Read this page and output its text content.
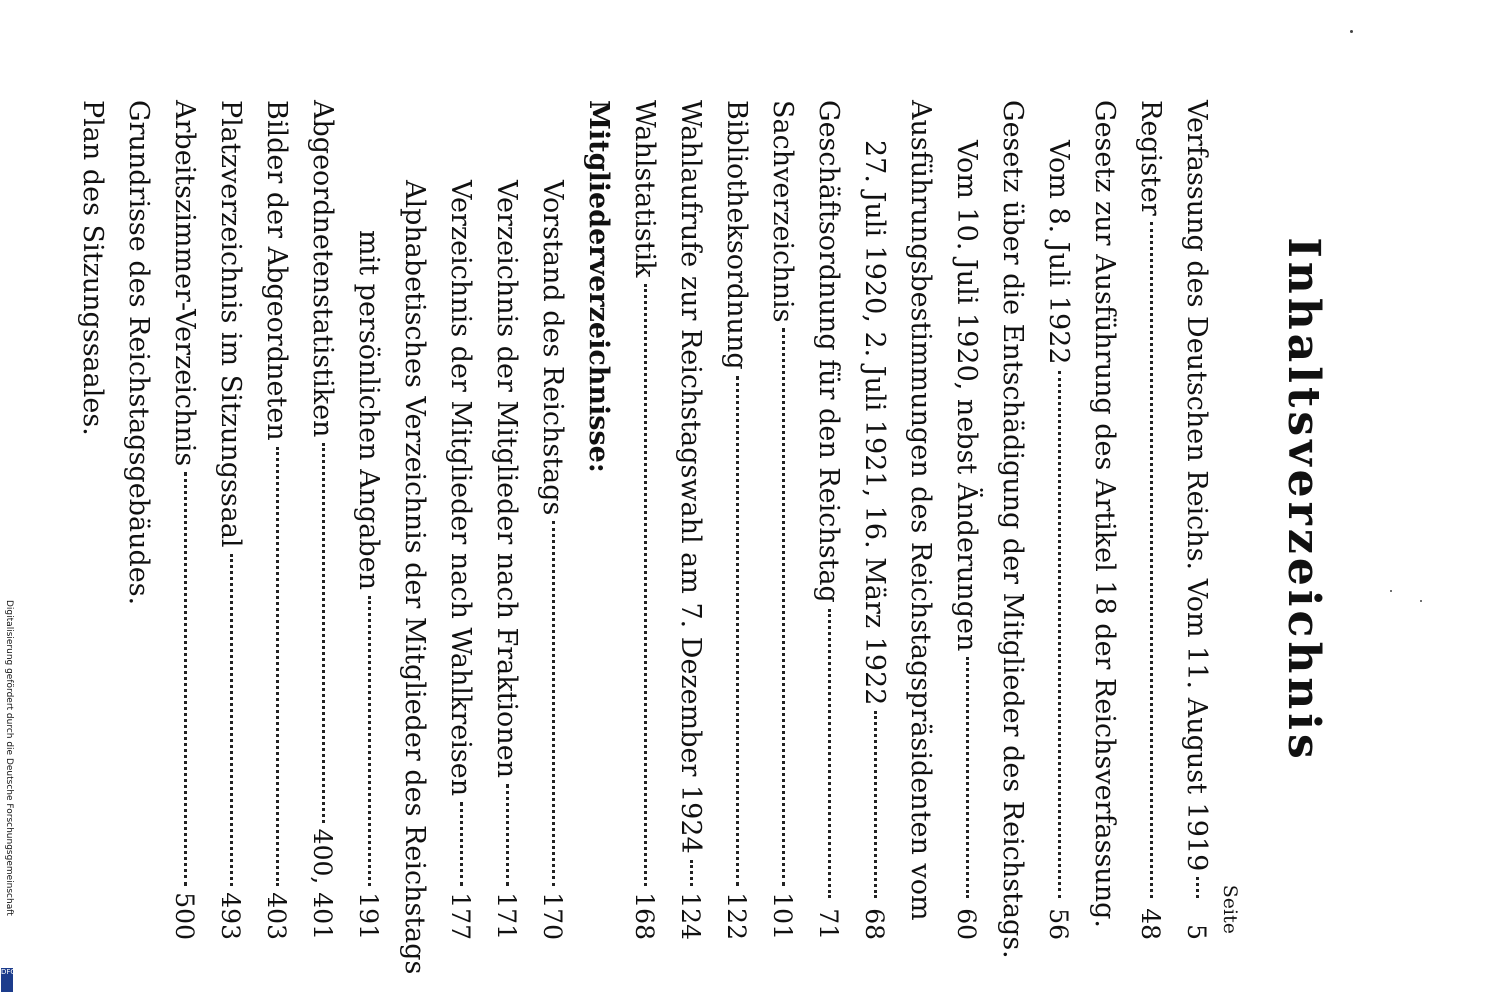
Inhaltsverzeichnis
Seite
Verfassung des Deutschen Reichs. Vom 11. August 1919
5
Register
48
Gesetz zur Ausführung des Artikel 18 der Reichsverfassung.
Vom 8. Juli 1922
56
Gesetz über die Entschädigung der Mitglieder des Reichstags.
Vom 10. Juli 1920, nebst Änderungen
60
Ausführungsbestimmungen des Reichstagspräsidenten vom
27. Juli 1920, 2. Juli 1921, 16. März 1922
68
Geschäftsordnung für den Reichstag
71
Sachverzeichnis
101
Bibliotheksordnung
122
Wahlaufrufe zur Reichstagswahl am 7. Dezember 1924
124
Wahlstatistik
168
Mitgliederverzeichnisse:
Vorstand des Reichstags
170
Verzeichnis der Mitglieder nach Fraktionen
171
Verzeichnis der Mitglieder nach Wahlkreisen
177
Alphabetisches Verzeichnis der Mitglieder des Reichstags
mit persönlichen Angaben
191
Abgeordnetenstatistiken
400, 401
Bilder der Abgeordneten
403
Platzverzeichnis im Sitzungssaal
493
Arbeitszimmer-Verzeichnis
500
Grundrisse des Reichstagsgebäudes.
Plan des Sitzungssaales.
Digitalisierung gefördert durch die Deutsche Forschungsgemeinschaft
DFG
